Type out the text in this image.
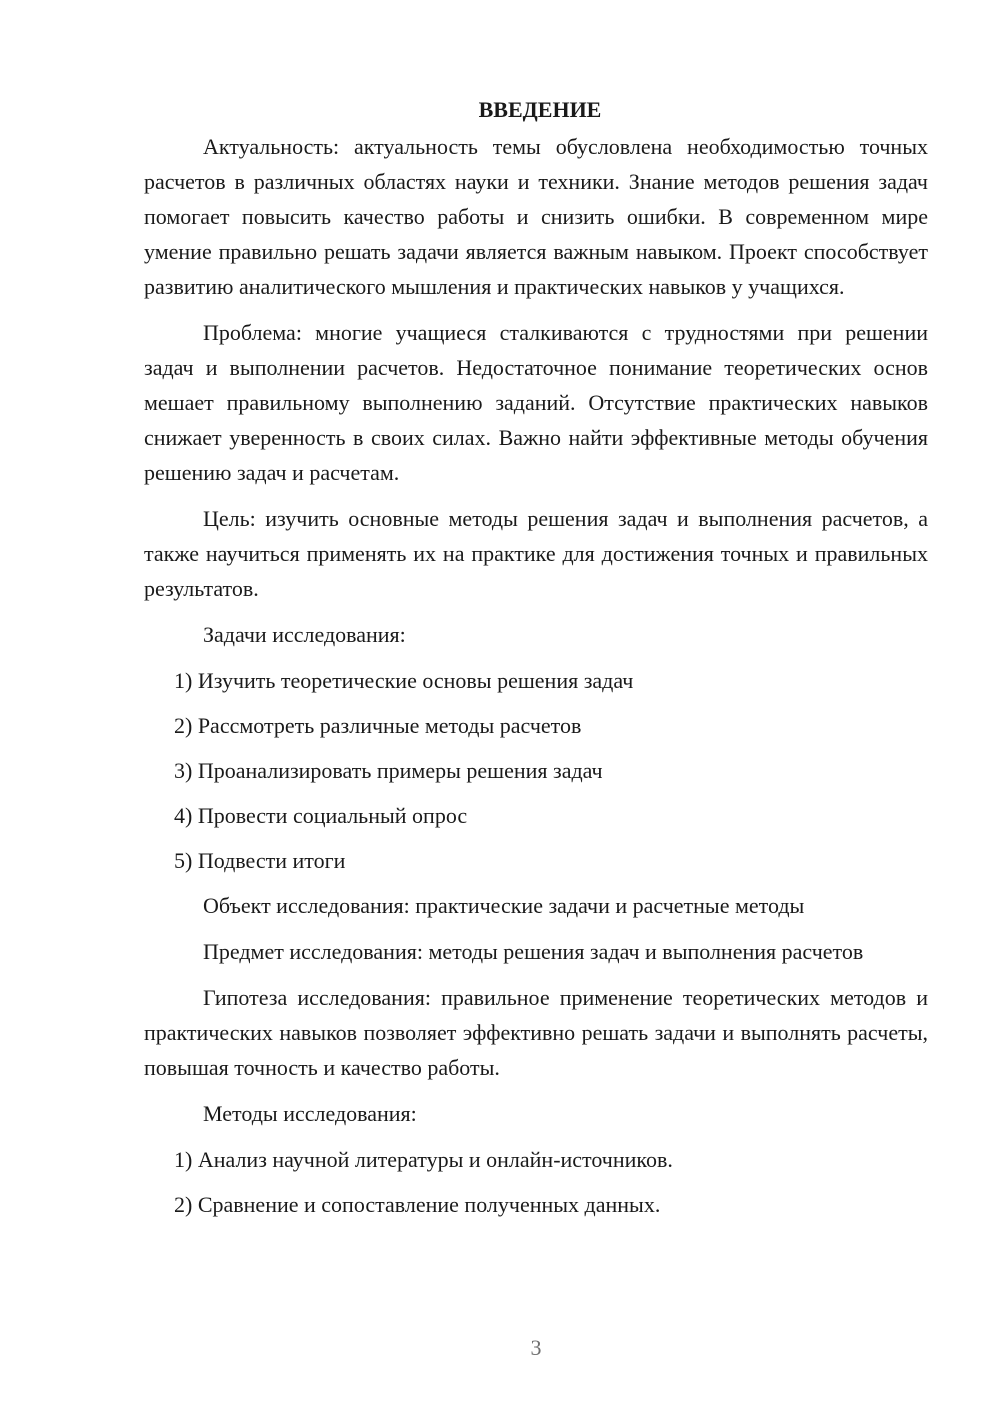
ВВЕДЕНИЕ

Актуальность: актуальность темы обусловлена необходимостью точных расчетов в различных областях науки и техники. Знание методов решения задач помогает повысить качество работы и снизить ошибки. В современном мире умение правильно решать задачи является важным навыком. Проект способствует развитию аналитического мышления и практических навыков у учащихся.

Проблема: многие учащиеся сталкиваются с трудностями при решении задач и выполнении расчетов. Недостаточное понимание теоретических основ мешает правильному выполнению заданий. Отсутствие практических навыков снижает уверенность в своих силах. Важно найти эффективные методы обучения решению задач и расчетам.

Цель: изучить основные методы решения задач и выполнения расчетов, а также научиться применять их на практике для достижения точных и правильных результатов.

Задачи исследования:

1) Изучить теоретические основы решения задач
2) Рассмотреть различные методы расчетов
3) Проанализировать примеры решения задач
4) Провести социальный опрос
5) Подвести итоги

Объект исследования: практические задачи и расчетные методы

Предмет исследования: методы решения задач и выполнения расчетов

Гипотеза исследования: правильное применение теоретических методов и практических навыков позволяет эффективно решать задачи и выполнять расчеты, повышая точность и качество работы.

Методы исследования:

1) Анализ научной литературы и онлайн-источников.
2) Сравнение и сопоставление полученных данных.
3
